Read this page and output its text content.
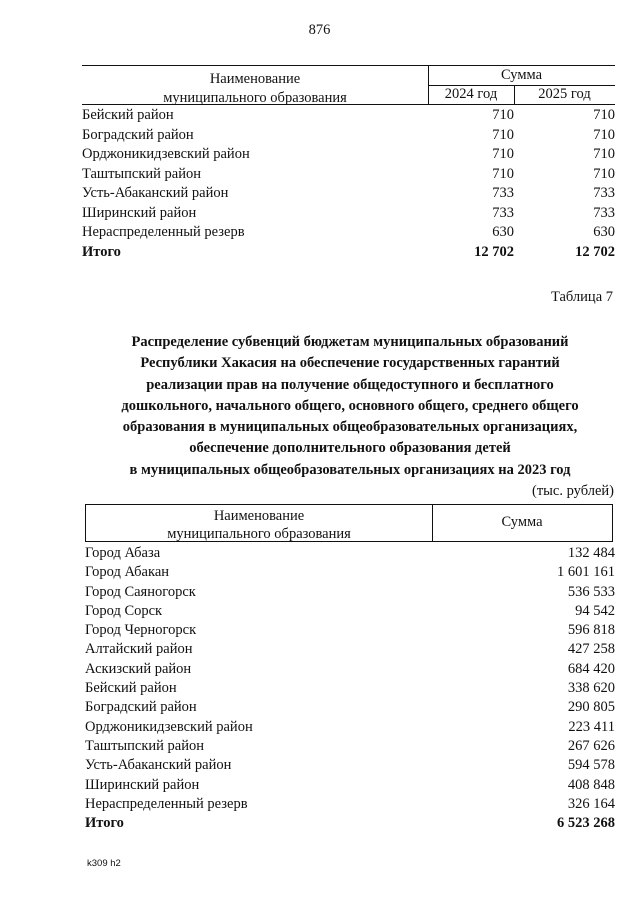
876
Наименование
муниципального образования
Сумма
2024 год	2025 год
Бейский район	710	710
Боградский район	710	710
Орджоникидзевский район	710	710
Таштыпский район	710	710
Усть-Абаканский район	733	733
Ширинский район	733	733
Нераспределенный резерв	630	630
Итого	12 702	12 702
Таблица 7
Распределение субвенций бюджетам муниципальных образований
Республики Хакасия на обеспечение государственных гарантий
реализации прав на получение общедоступного и бесплатного
дошкольного, начального общего, основного общего, среднего общего
образования в муниципальных общеобразовательных организациях,
обеспечение дополнительного образования детей
в муниципальных общеобразовательных организациях на 2023 год
(тыс. рублей)
Наименование
муниципального образования
Сумма
Город Абаза	132 484
Город Абакан	1 601 161
Город Саяногорск	536 533
Город Сорск	94 542
Город Черногорск	596 818
Алтайский район	427 258
Аскизский район	684 420
Бейский район	338 620
Боградский район	290 805
Орджоникидзевский район	223 411
Таштыпский район	267 626
Усть-Абаканский район	594 578
Ширинский район	408 848
Нераспределенный резерв	326 164
Итого	6 523 268
k309 h2
